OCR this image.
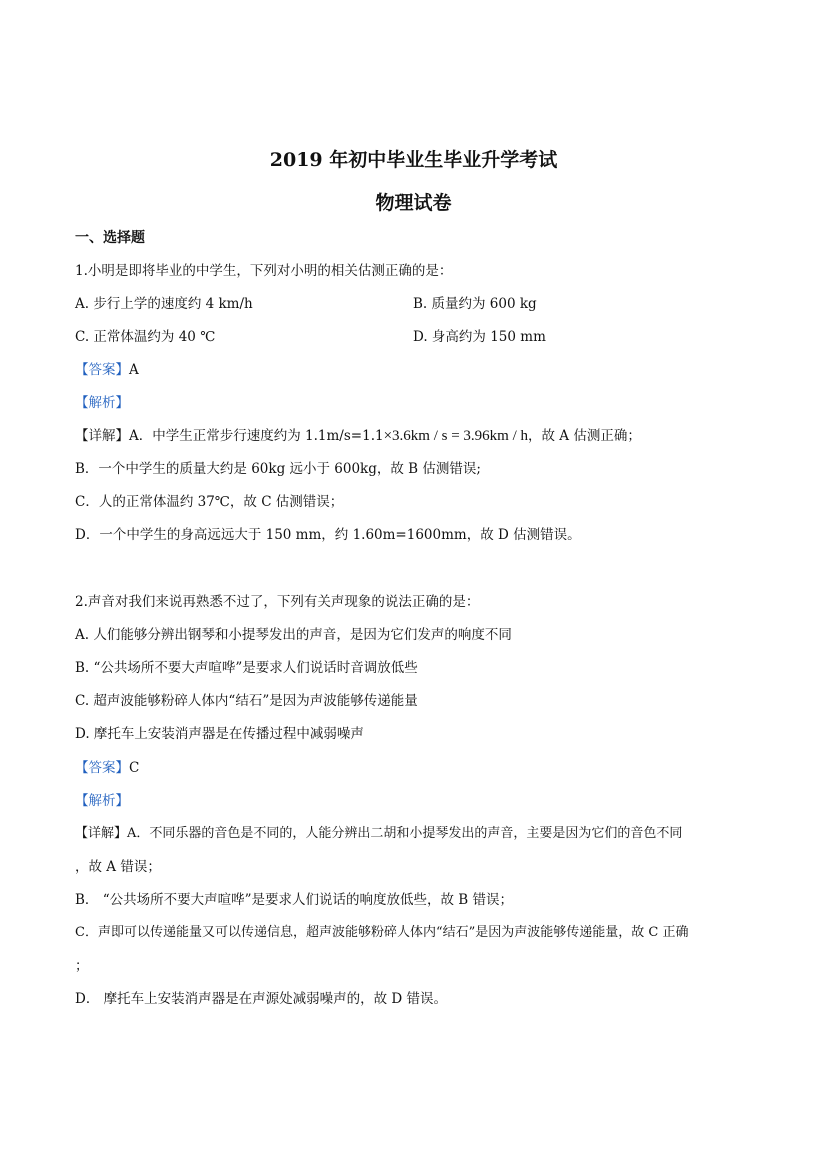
2019 年初中毕业生毕业升学考试
物理试卷
一、选择题
1.小明是即将毕业的中学生，下列对小明的相关估测正确的是：
A. 步行上学的速度约 4 km/h	B. 质量约为 600 kg
C. 正常体温约为 40 ℃	D. 身高约为 150 mm
【答案】A
【解析】
【详解】A．中学生正常步行速度约为 1.1m/s=1.1×3.6km / s = 3.96km / h，故 A 估测正确；
B．一个中学生的质量大约是 60kg 远小于 600kg，故 B 估测错误;
C．人的正常体温约 37℃，故 C 估测错误；
D．一个中学生的身高远远大于 150 mm，约 1.60m=1600mm，故 D 估测错误。
2.声音对我们来说再熟悉不过了，下列有关声现象的说法正确的是：
A. 人们能够分辨出钢琴和小提琴发出的声音，是因为它们发声的响度不同
B. “公共场所不要大声喧哗”是要求人们说话时音调放低些
C. 超声波能够粉碎人体内“结石”是因为声波能够传递能量
D. 摩托车上安装消声器是在传播过程中减弱噪声
【答案】C
【解析】
【详解】A．不同乐器的音色是不同的，人能分辨出二胡和小提琴发出的声音，主要是因为它们的音色不同
，故 A 错误；
B． “公共场所不要大声喧哗”是要求人们说话的响度放低些，故 B 错误；
C．声即可以传递能量又可以传递信息，超声波能够粉碎人体内“结石”是因为声波能够传递能量，故 C 正确
；
D． 摩托车上安装消声器是在声源处减弱噪声的，故 D 错误。
